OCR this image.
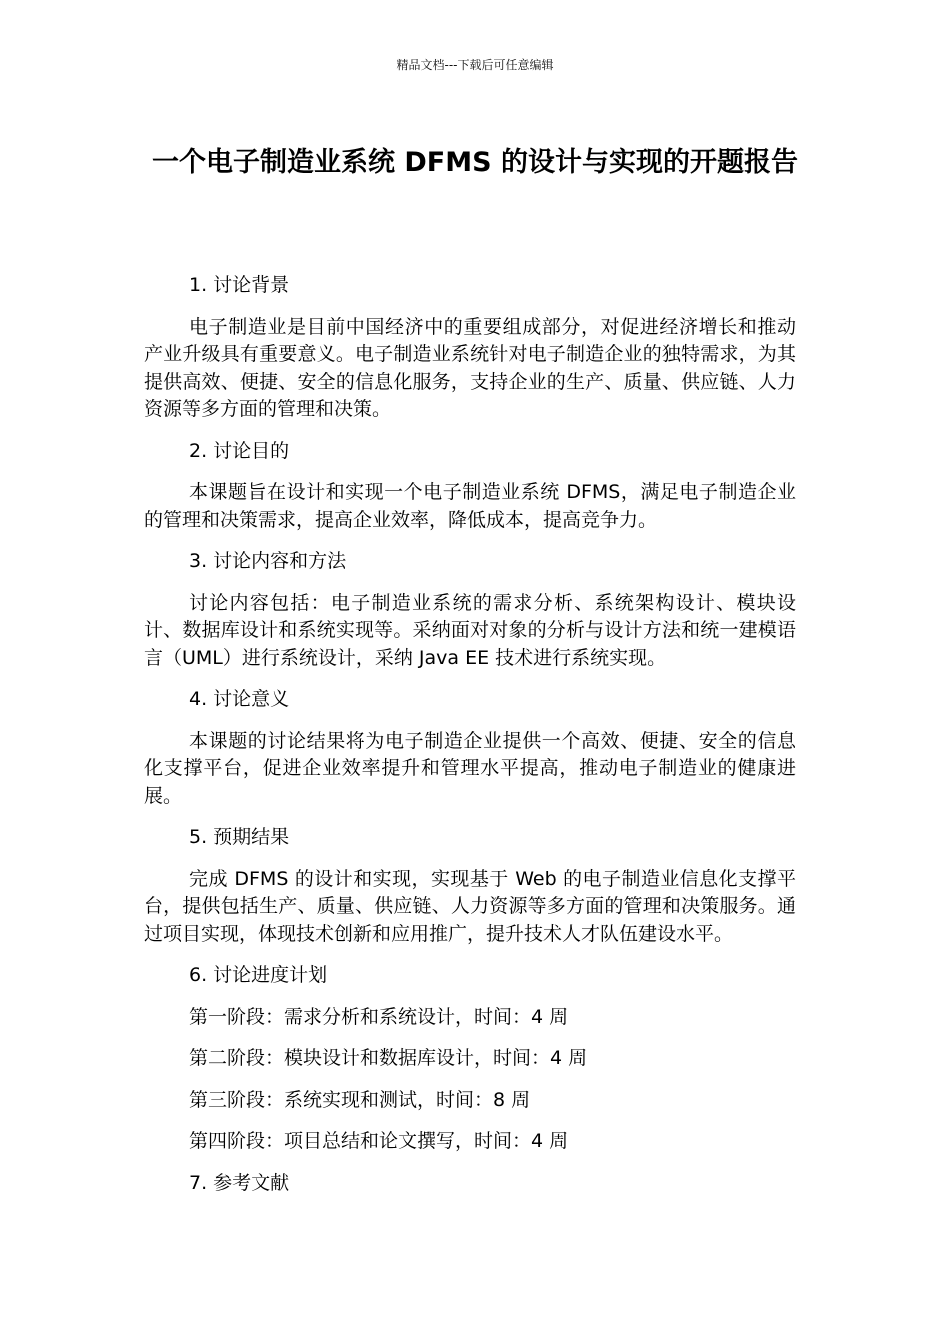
精品文档---下载后可任意编辑
一个电子制造业系统 DFMS 的设计与实现的开题报告

1. 讨论背景

电子制造业是目前中国经济中的重要组成部分，对促进经济增长和推动产业升级具有重要意义。电子制造业系统针对电子制造企业的独特需求，为其提供高效、便捷、安全的信息化服务，支持企业的生产、质量、供应链、人力资源等多方面的管理和决策。

2. 讨论目的

本课题旨在设计和实现一个电子制造业系统 DFMS，满足电子制造企业的管理和决策需求，提高企业效率，降低成本，提高竞争力。

3. 讨论内容和方法

讨论内容包括：电子制造业系统的需求分析、系统架构设计、模块设计、数据库设计和系统实现等。采纳面对对象的分析与设计方法和统一建模语言（UML）进行系统设计，采纳 Java EE 技术进行系统实现。

4. 讨论意义

本课题的讨论结果将为电子制造企业提供一个高效、便捷、安全的信息化支撑平台，促进企业效率提升和管理水平提高，推动电子制造业的健康进展。

5. 预期结果

完成 DFMS 的设计和实现，实现基于 Web 的电子制造业信息化支撑平台，提供包括生产、质量、供应链、人力资源等多方面的管理和决策服务。通过项目实现，体现技术创新和应用推广，提升技术人才队伍建设水平。

6. 讨论进度计划

第一阶段：需求分析和系统设计，时间：4 周

第二阶段：模块设计和数据库设计，时间：4 周

第三阶段：系统实现和测试，时间：8 周

第四阶段：项目总结和论文撰写，时间：4 周

7. 参考文献
